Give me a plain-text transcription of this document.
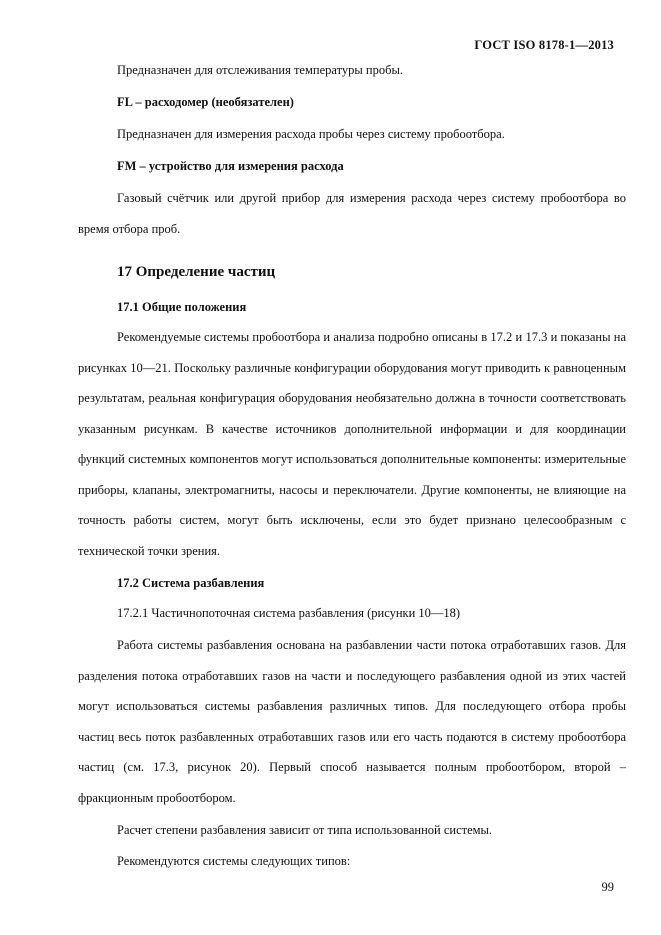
ГОСТ ISO 8178-1—2013
Предназначен для отслеживания температуры пробы.
FL – расходомер (необязателен)
Предназначен для измерения расхода пробы через систему пробоотбора.
FM – устройство для измерения расхода
Газовый счётчик или другой прибор для измерения расхода через систему пробоотбора во время отбора проб.
17 Определение частиц
17.1 Общие положения
Рекомендуемые системы пробоотбора и анализа подробно описаны в 17.2 и 17.3 и показаны на рисунках 10—21. Поскольку различные конфигурации оборудования могут приводить к равноценным результатам, реальная конфигурация оборудования необязательно должна в точности соответствовать указанным рисункам. В качестве источников дополнительной информации и для координации функций системных компонентов могут использоваться дополнительные компоненты: измерительные приборы, клапаны, электромагниты, насосы и переключатели. Другие компоненты, не влияющие на точность работы систем, могут быть исключены, если это будет признано целесообразным с технической точки зрения.
17.2 Система разбавления
17.2.1 Частичнопоточная система разбавления (рисунки 10—18)
Работа системы разбавления основана на разбавлении части потока отработавших газов. Для разделения потока отработавших газов на части и последующего разбавления одной из этих частей могут использоваться системы разбавления различных типов. Для последующего отбора пробы частиц весь поток разбавленных отработавших газов или его часть подаются в систему пробоотбора частиц (см. 17.3, рисунок 20). Первый способ называется полным пробоотбором, второй – фракционным пробоотбором.
Расчет степени разбавления зависит от типа использованной системы.
Рекомендуются системы следующих типов:
99
